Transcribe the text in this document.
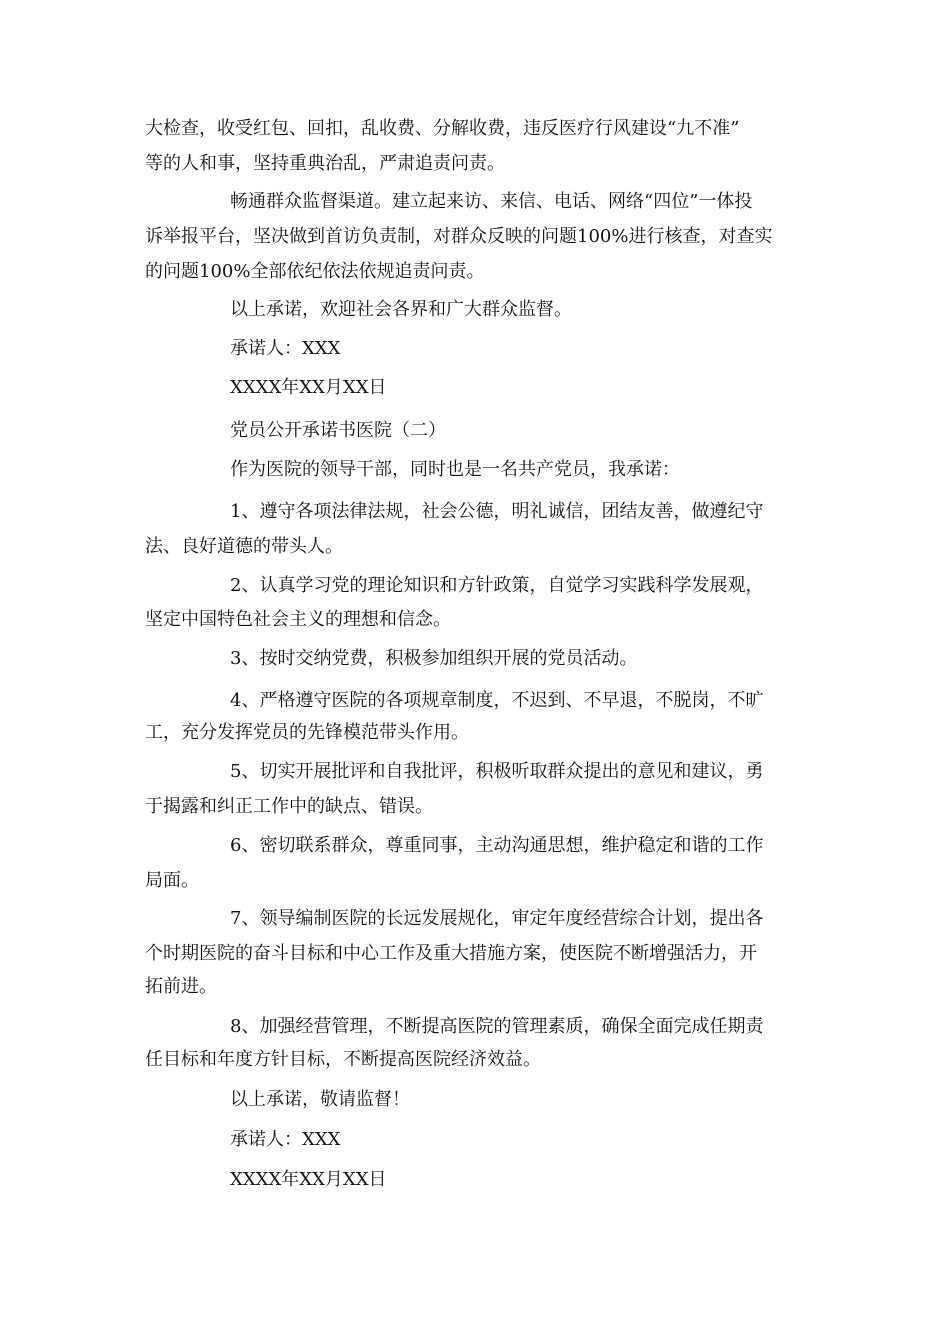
大检查，收受红包、回扣，乱收费、分解收费，违反医疗行风建设“九不准”
等的人和事，坚持重典治乱，严肃追责问责。
畅通群众监督渠道。建立起来访、来信、电话、网络“四位”一体投
诉举报平台，坚决做到首访负责制，对群众反映的问题100%进行核查，对查实
的问题100%全部依纪依法依规追责问责。
以上承诺，欢迎社会各界和广大群众监督。
承诺人：XXX
XXXX年XX月XX日
党员公开承诺书医院（二）
作为医院的领导干部，同时也是一名共产党员，我承诺：
1、遵守各项法律法规，社会公德，明礼诚信，团结友善，做遵纪守
法、良好道德的带头人。
2、认真学习党的理论知识和方针政策，自觉学习实践科学发展观，
坚定中国特色社会主义的理想和信念。
3、按时交纳党费，积极参加组织开展的党员活动。
4、严格遵守医院的各项规章制度，不迟到、不早退，不脱岗，不旷
工，充分发挥党员的先锋模范带头作用。
5、切实开展批评和自我批评，积极听取群众提出的意见和建议，勇
于揭露和纠正工作中的缺点、错误。
6、密切联系群众，尊重同事，主动沟通思想，维护稳定和谐的工作
局面。
7、领导编制医院的长远发展规化，审定年度经营综合计划，提出各
个时期医院的奋斗目标和中心工作及重大措施方案，使医院不断增强活力，开
拓前进。
8、加强经营管理，不断提高医院的管理素质，确保全面完成任期责
任目标和年度方针目标，不断提高医院经济效益。
以上承诺，敬请监督！
承诺人：XXX
XXXX年XX月XX日
